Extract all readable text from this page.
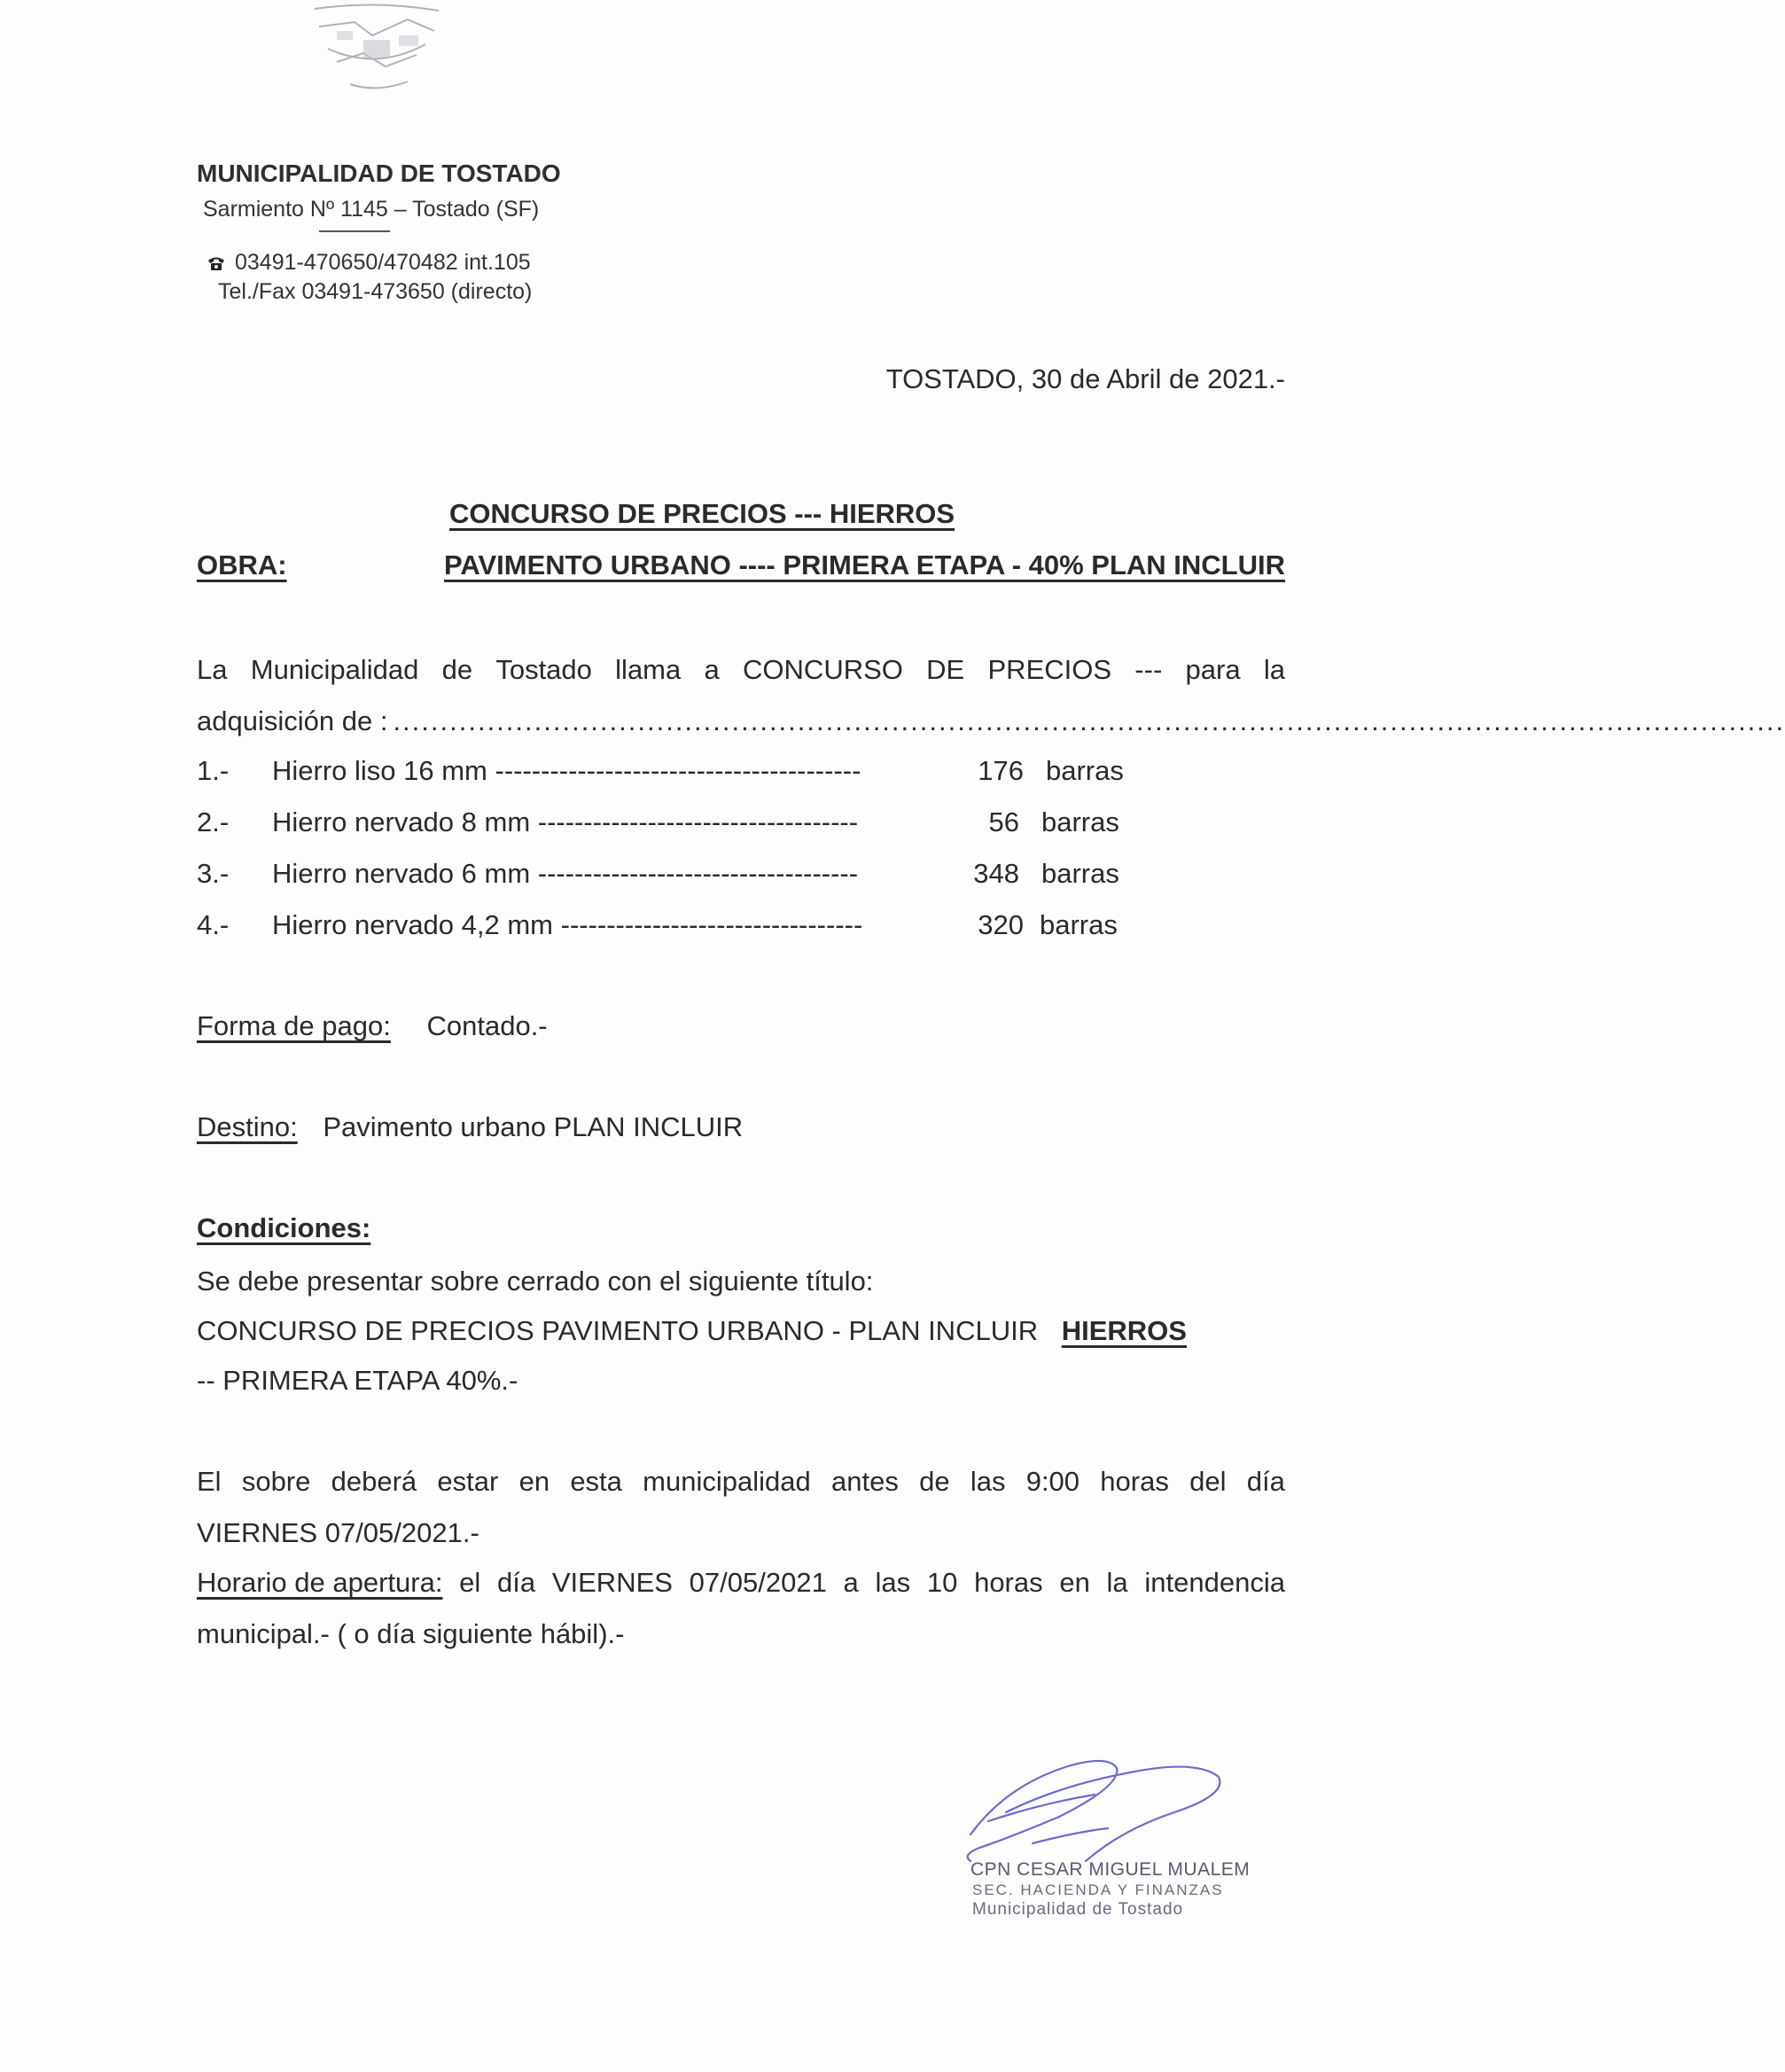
MUNICIPALIDAD DE TOSTADO
Sarmiento Nº 1145 – Tostado (SF)
03491-470650/470482 int.105
Tel./Fax 03491-473650 (directo)
TOSTADO, 30 de Abril de 2021.-
CONCURSO DE PRECIOS --- HIERROS
OBRA:	PAVIMENTO URBANO ---- PRIMERA ETAPA - 40% PLAN INCLUIR
La Municipalidad de Tostado llama a CONCURSO DE PRECIOS --- para la
adquisición de : ....................................................................................................................................................
1.- Hierro liso 16 mm ----------------------------------------	176 barras
2.- Hierro nervado 8 mm -----------------------------------	56 barras
3.- Hierro nervado 6 mm -----------------------------------	348 barras
4.- Hierro nervado 4,2 mm ---------------------------------	320 barras
Forma de pago: Contado.-
Destino: Pavimento urbano PLAN INCLUIR
Condiciones:
Se debe presentar sobre cerrado con el siguiente título:
CONCURSO DE PRECIOS PAVIMENTO URBANO - PLAN INCLUIR HIERROS
-- PRIMERA ETAPA 40%.-
El sobre deberá estar en esta municipalidad antes de las 9:00 horas del día
VIERNES 07/05/2021.-
Horario de apertura: el día VIERNES 07/05/2021 a las 10 horas en la intendencia
municipal.- ( o día siguiente hábil).-
CPN CESAR MIGUEL MUALEM
SEC. HACIENDA Y FINANZAS
Municipalidad de Tostado
